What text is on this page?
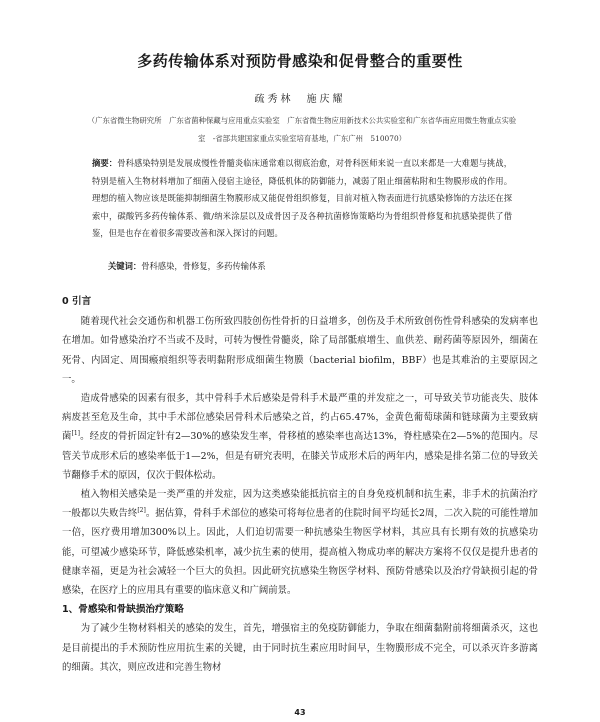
多药传输体系对预防骨感染和促骨整合的重要性
疏秀林　施庆耀
（广东省微生物研究所　广东省菌种保藏与应用重点实验室　广东省微生物应用新技术公共实验室和广东省华南应用微生物重点实验室　-省部共建国家重点实验室培育基地，广东广州　510070）
摘要：骨科感染特别是发展成慢性骨髓炎临床通常难以彻底治愈，对骨科医师来说一直以来都是一大难题与挑战，特别是植入生物材料增加了细菌入侵宿主途径，降低机体的防御能力，减弱了阻止细菌粘附和生物膜形成的作用。理想的植入物应该是既能抑制细菌生物膜形成又能促骨组织修复，目前对植入物表面进行抗感染修饰的方法还在探索中，碳酸钙多药传输体系、微/纳米涂层以及成骨因子及各种抗菌修饰策略均为骨组织骨修复和抗感染提供了借鉴，但是也存在着很多需要改善和深入探讨的问题。
关键词：骨科感染，骨修复，多药传输体系
0 引言

随着现代社会交通伤和机器工伤所致四肢创伤性骨折的日益增多，创伤及手术所致创伤性骨科感染的发病率也在增加。如骨感染治疗不当或不及时，可转为慢性骨髓炎，除了局部骶痕增生、血供差、耐药菌等原因外，细菌在死骨、内固定、周围瘢痕组织等表明黏附形成细菌生物膜（bacterial biofilm，BBF）也是其难治的主要原因之一。

造成骨感染的因素有很多，其中骨科手术后感染是骨科手术最严重的并发症之一，可导致关节功能丧失、肢体病废甚至危及生命，其中手术部位感染居骨科术后感染之首，约占65.47%，金黄色葡萄球菌和链球菌为主要致病菌[1]。经皮的骨折固定针有2—30%的感染发生率，骨移植的感染率也高达13%，脊柱感染在2—5%的范围内。尽管关节成形术后的感染率低于1—2%，但是有研究表明，在膝关节成形术后的两年内，感染是排名第二位的导致关节翻修手术的原因，仅次于假体松动。

植入物相关感染是一类严重的并发症，因为这类感染能抵抗宿主的自身免疫机制和抗生素，非手术的抗菌治疗一般都以失败告终[2]。据估算，骨科手术部位的感染可将每位患者的住院时间平均延长2周，二次入院的可能性增加一倍，医疗费用增加300%以上。因此，人们迫切需要一种抗感染生物医学材料，其应具有长期有效的抗感染功能，可望减少感染环节，降低感染机率，减少抗生素的使用，提高植入物成功率的解决方案将不仅仅是提升患者的健康幸福，更是为社会减轻一个巨大的负担。因此研究抗感染生物医学材料、预防骨感染以及治疗骨缺损引起的骨感染，在医疗上的应用具有重要的临床意义和广阔前景。

1、骨感染和骨缺损治疗策略

为了减少生物材料相关的感染的发生，首先，增强宿主的免疫防御能力，争取在细菌黏附前将细菌杀灭，这也是目前提出的手术预防性应用抗生素的关键，由于同时抗生素应用时间早，生物膜形成不完全，可以杀灭许多游离的细菌。其次，则应改进和完善生物材

43
